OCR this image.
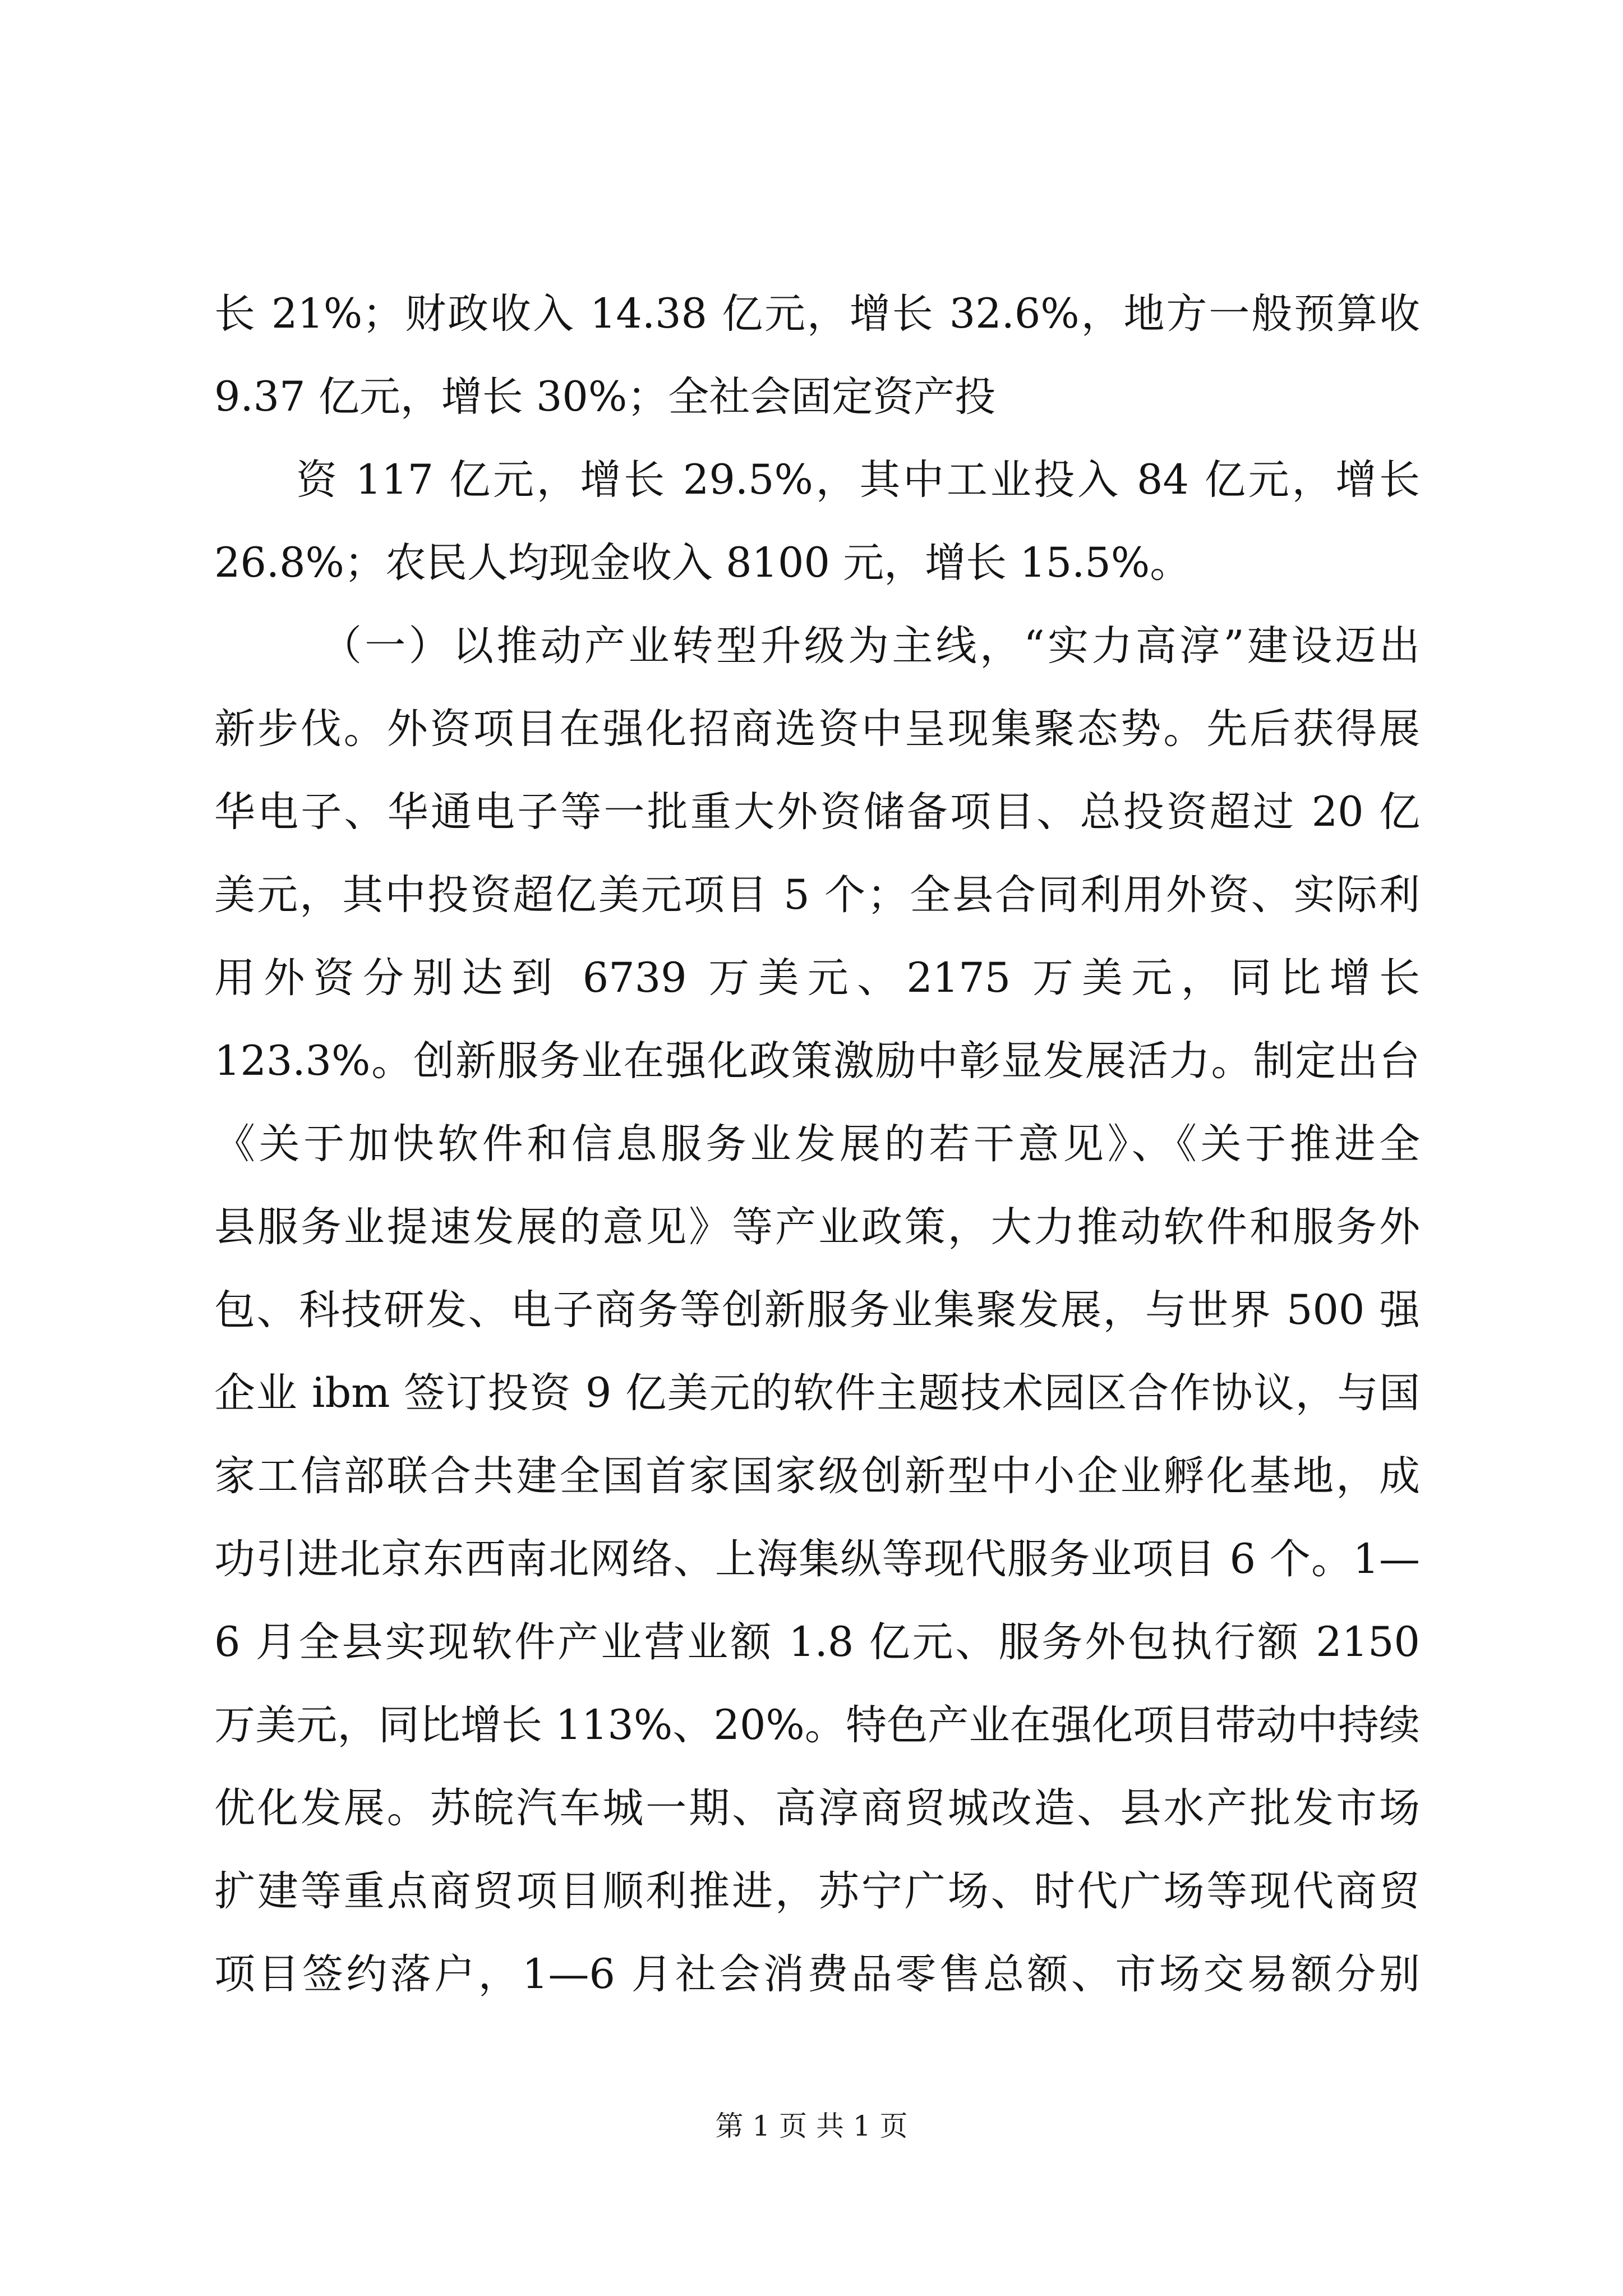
长 21%；财政收入 14.38 亿元，增长 32.6%，地方一般预算收
9.37 亿元，增长 30%；全社会固定资产投
资 117 亿元，增长 29.5%，其中工业投入 84 亿元，增长
26.8%；农民人均现金收入 8100 元，增长 15.5%。
（一）以推动产业转型升级为主线，“实力高淳”建设迈出
新步伐。外资项目在强化招商选资中呈现集聚态势。先后获得展
华电子、华通电子等一批重大外资储备项目、总投资超过 20 亿
美元，其中投资超亿美元项目 5 个；全县合同利用外资、实际利
用外资分别达到 6739 万美元、2175 万美元，同比增长
123.3%。创新服务业在强化政策激励中彰显发展活力。制定出台
《关于加快软件和信息服务业发展的若干意见》、《关于推进全
县服务业提速发展的意见》等产业政策，大力推动软件和服务外
包、科技研发、电子商务等创新服务业集聚发展，与世界 500 强
企业 ibm 签订投资 9 亿美元的软件主题技术园区合作协议，与国
家工信部联合共建全国首家国家级创新型中小企业孵化基地，成
功引进北京东西南北网络、上海集纵等现代服务业项目 6 个。1—
6 月全县实现软件产业营业额 1.8 亿元、服务外包执行额 2150
万美元，同比增长 113%、20%。特色产业在强化项目带动中持续
优化发展。苏皖汽车城一期、高淳商贸城改造、县水产批发市场
扩建等重点商贸项目顺利推进，苏宁广场、时代广场等现代商贸
项目签约落户，1—6 月社会消费品零售总额、市场交易额分别
第 1 页 共 1 页
